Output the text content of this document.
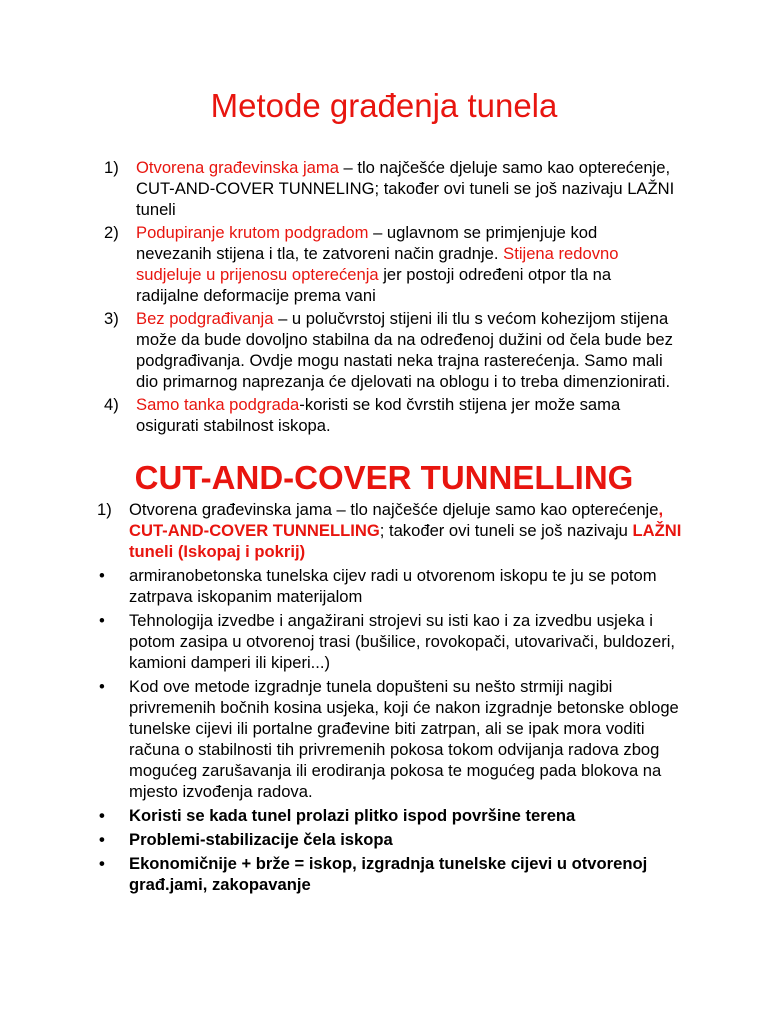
Metode građenja tunela
1) Otvorena građevinska jama – tlo najčešće djeluje samo kao opterećenje, CUT-AND-COVER TUNNELING; također ovi tuneli se još nazivaju LAŽNI tuneli
2) Podupiranje krutom podgradom – uglavnom se primjenjuje kod nevezanih stijena i tla, te zatvoreni način gradnje. Stijena redovno sudjeluje u prijenosu opterećenja jer postoji određeni otpor tla na radijalne deformacije prema vani
3) Bez podgrađivanja – u polučvrstoj stijeni ili tlu s većom kohezijom stijena može da bude dovoljno stabilna da na određenoj dužini od čela bude bez podgrađivanja. Ovdje mogu nastati neka trajna rasterećenja. Samo mali dio primarnog naprezanja će djelovati na oblogu i to treba dimenzionirati.
4) Samo tanka podgrada-koristi se kod čvrstih stijena jer može sama osigurati stabilnost iskopa.
CUT-AND-COVER TUNNELLING
1) Otvorena građevinska jama – tlo najčešće djeluje samo kao opterećenje, CUT-AND-COVER TUNNELLING; također ovi tuneli se još nazivaju LAŽNI tuneli (Iskopaj i pokrij)
• armiranobetonska tunelska cijev radi u otvorenom iskopu te ju se potom zatrpava iskopanim materijalom
• Tehnologija izvedbe i angažirani strojevi su isti kao i za izvedbu usjeka i potom zasipa u otvorenoj trasi (bušilice, rovokopači, utovarivači, buldozeri, kamioni damperi ili kiperi...)
• Kod ove metode izgradnje tunela dopušteni su nešto strmiji nagibi privremenih bočnih kosina usjeka, koji će nakon izgradnje betonske obloge tunelske cijevi ili portalne građevine biti zatrpan, ali se ipak mora voditi računa o stabilnosti tih privremenih pokosa tokom odvijanja radova zbog mogućeg zarušavanja ili erodiranja pokosa te mogućeg pada blokova na mjesto izvođenja radova.
• Koristi se kada tunel prolazi plitko ispod površine terena
• Problemi-stabilizacije čela iskopa
• Ekonomičnije + brže = iskop, izgradnja tunelske cijevi u otvorenoj građ.jami, zakopavanje
